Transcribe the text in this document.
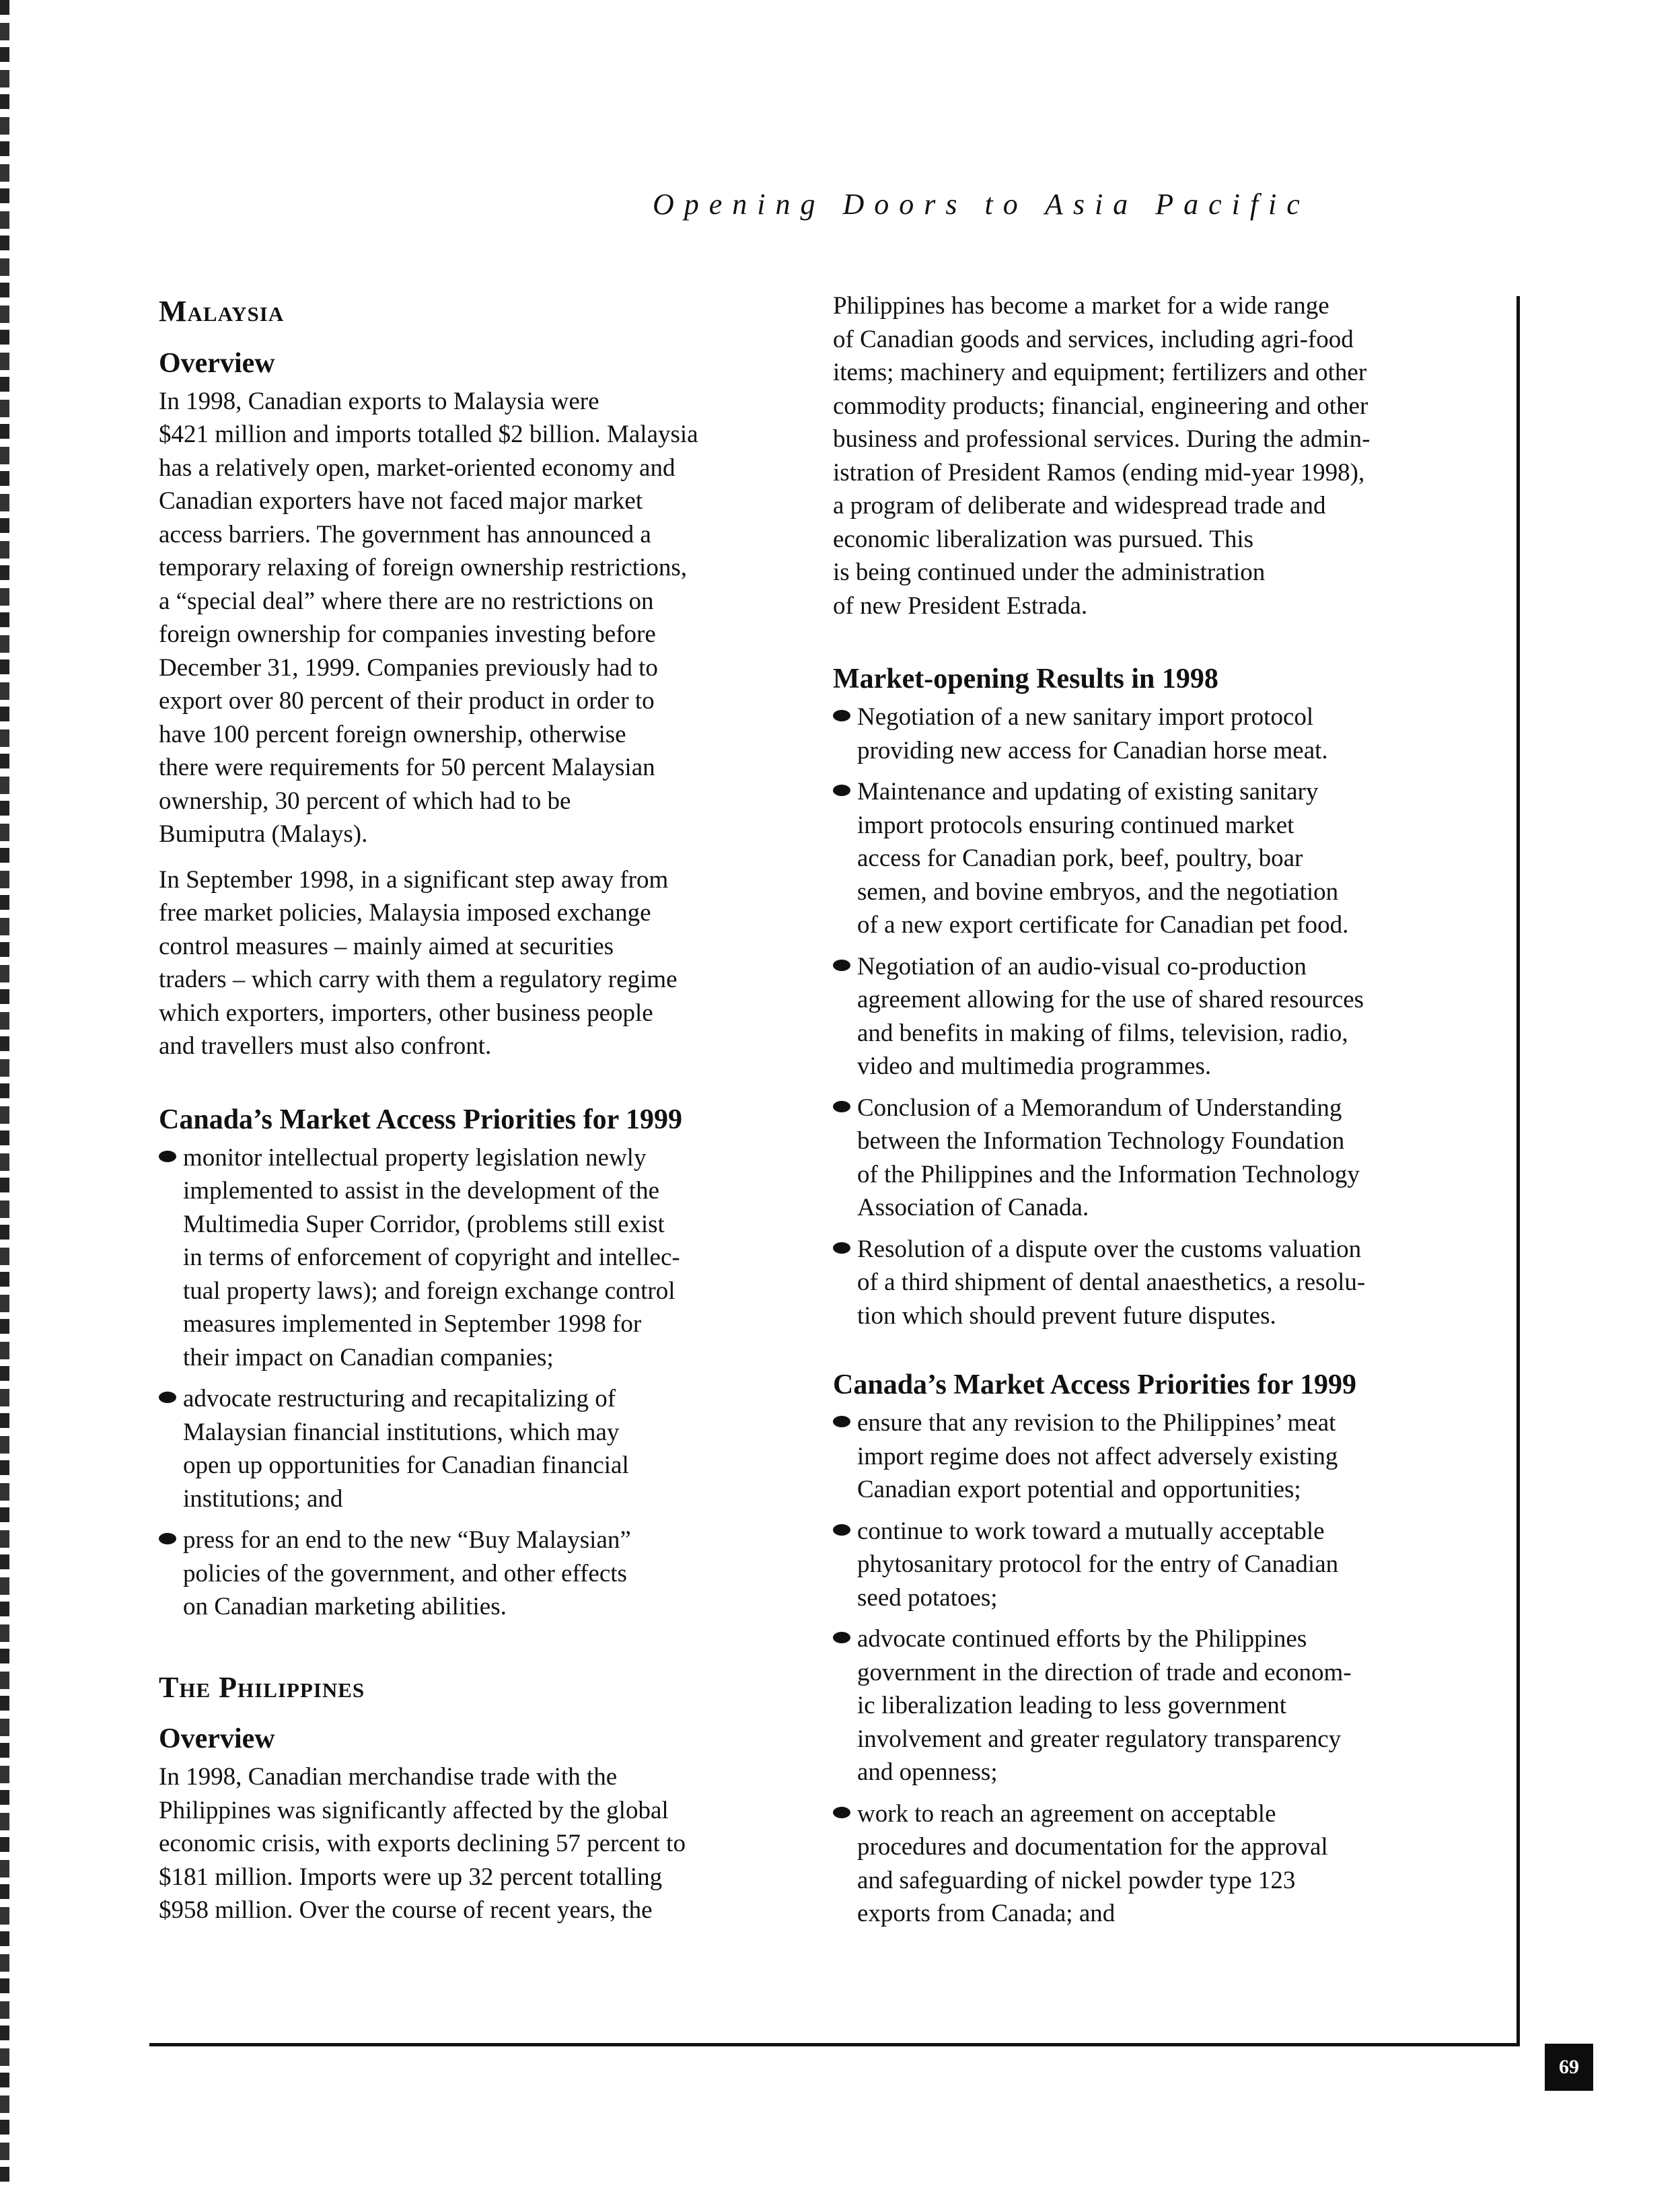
Opening Doors to Asia Pacific
Malaysia
Overview

In 1998, Canadian exports to Malaysia were
$421 million and imports totalled $2 billion. Malaysia
has a relatively open, market-oriented economy and
Canadian exporters have not faced major market
access barriers. The government has announced a
temporary relaxing of foreign ownership restrictions,
a “special deal” where there are no restrictions on
foreign ownership for companies investing before
December 31, 1999. Companies previously had to
export over 80 percent of their product in order to
have 100 percent foreign ownership, otherwise
there were requirements for 50 percent Malaysian
ownership, 30 percent of which had to be
Bumiputra (Malays).

In September 1998, in a significant step away from
free market policies, Malaysia imposed exchange
control measures – mainly aimed at securities
traders – which carry with them a regulatory regime
which exporters, importers, other business people
and travellers must also confront.

Canada’s Market Access Priorities for 1999
monitor intellectual property legislation newly
implemented to assist in the development of the
Multimedia Super Corridor, (problems still exist
in terms of enforcement of copyright and intellec-
tual property laws); and foreign exchange control
measures implemented in September 1998 for
their impact on Canadian companies;
advocate restructuring and recapitalizing of
Malaysian financial institutions, which may
open up opportunities for Canadian financial
institutions; and
press for an end to the new “Buy Malaysian”
policies of the government, and other effects
on Canadian marketing abilities.
The Philippines
Overview

In 1998, Canadian merchandise trade with the
Philippines was significantly affected by the global
economic crisis, with exports declining 57 percent to
$181 million. Imports were up 32 percent totalling
$958 million. Over the course of recent years, the

Philippines has become a market for a wide range
of Canadian goods and services, including agri-food
items; machinery and equipment; fertilizers and other
commodity products; financial, engineering and other
business and professional services. During the admin-
istration of President Ramos (ending mid-year 1998),
a program of deliberate and widespread trade and
economic liberalization was pursued. This
is being continued under the administration
of new President Estrada.

Market-opening Results in 1998
Negotiation of a new sanitary import protocol
providing new access for Canadian horse meat.
Maintenance and updating of existing sanitary
import protocols ensuring continued market
access for Canadian pork, beef, poultry, boar
semen, and bovine embryos, and the negotiation
of a new export certificate for Canadian pet food.
Negotiation of an audio-visual co-production
agreement allowing for the use of shared resources
and benefits in making of films, television, radio,
video and multimedia programmes.
Conclusion of a Memorandum of Understanding
between the Information Technology Foundation
of the Philippines and the Information Technology
Association of Canada.
Resolution of a dispute over the customs valuation
of a third shipment of dental anaesthetics, a resolu-
tion which should prevent future disputes.
Canada’s Market Access Priorities for 1999
ensure that any revision to the Philippines’ meat
import regime does not affect adversely existing
Canadian export potential and opportunities;
continue to work toward a mutually acceptable
phytosanitary protocol for the entry of Canadian
seed potatoes;
advocate continued efforts by the Philippines
government in the direction of trade and econom-
ic liberalization leading to less government
involvement and greater regulatory transparency
and openness;
work to reach an agreement on acceptable
procedures and documentation for the approval
and safeguarding of nickel powder type 123
exports from Canada; and
69
